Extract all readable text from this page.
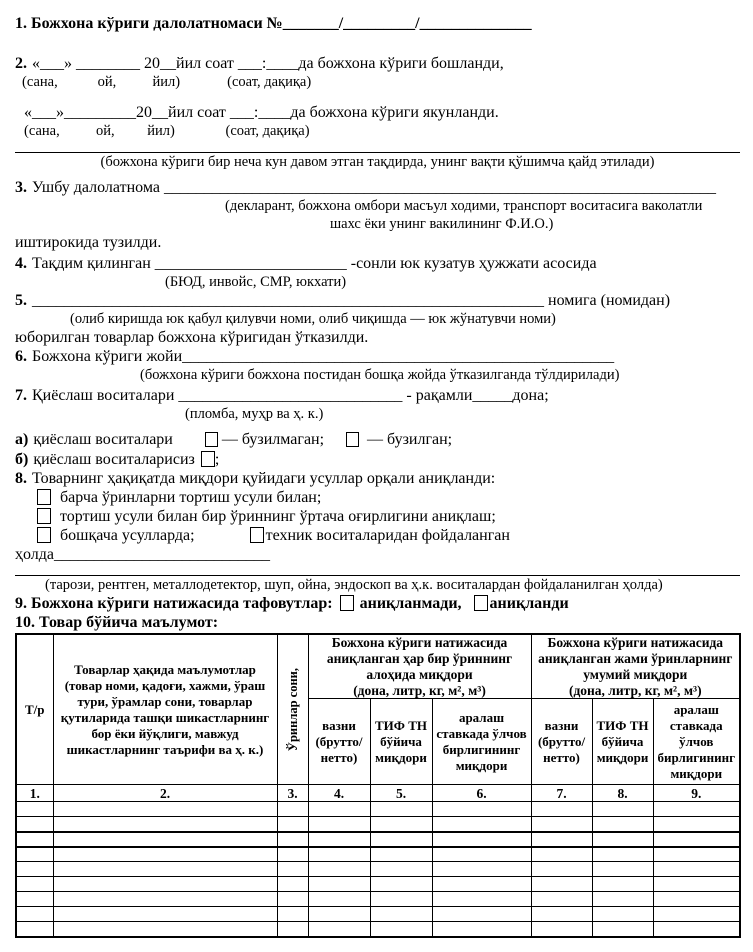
1. Божхона кўриги далолатномаси №_______/_________/______________
2. «___» ________ 20__йил соат ___:____да божхона кўриги бошланди,
(сана,           ой,          йил)             (соат, дақиқа)
«___»_________20__йил соат ___:____да божхона кўриги якунланди.
(сана,          ой,         йил)              (соат, дақиқа)
(божхона кўриги бир неча кун давом этган тақдирда, унинг вақти қўшимча қайд этилади)
3. Ушбу далолатнома _____________________________________________________________________
(декларант, божхона омбори масъул ходими, транспорт воситасига ваколатли
шахс ёки унинг вакилининг Ф.И.О.)
иштирокида тузилди.
4. Тақдим қилинган ________________________ -сонли юк кузатув ҳужжати асосида
(БЮД, инвойс, СМР, юкхати)
5. ________________________________________________________________ номига (номидан)
(олиб киришда юк қабул қилувчи номи, олиб чиқишда — юк жўнатувчи номи)
юборилган товарлар божхона кўригидан ўтказилди.
6. Божхона кўриги жойи______________________________________________________
(божхона кўриги божхона постидан бошқа жойда ўтказилганда тўлдирилади)
7. Қиёслаш воситалари ____________________________ - рақамли_____дона;
(пломба, муҳр ва ҳ. к.)
а) қиёслаш воситалари	— бузилмаган;	— бузилган;
б) қиёслаш воситаларисиз ;
8. Товарнинг ҳақиқатда миқдори қуйидаги усуллар орқали аниқланди:
барча ўринларни тортиш усули билан;
тортиш усули билан бир ўриннинг ўртача оғирлигини аниқлаш;
бошқача усулларда;	техник воситаларидан фойдаланган ҳолда___________________________
(тарози, рентген, металлодетектор, шуп, ойна, эндоскоп ва ҳ.к. воситалардан фойдаланилган ҳолда)
9. Божхона кўриги натижасида тафовутлар: аниқланмади, аниқланди
10. Товар бўйича маълумот:
Т/р	Товарлар ҳақида маълумотлар (товар номи, қадоғи, хажми, ўраш тури, ўрамлар сони, товарлар қутиларида ташқи шикастларнинг бор ёки йўқлиги, мавжуд шикастларнинг таърифи ва ҳ. к.)	Ўринлар сони,

Божхона кўриги натижасида аниқланган ҳар бир ўриннинг алоҳида миқдори
(дона, литр, кг, м², м³)

Божхона кўриги натижасида аниқланган жами ўринларнинг умумий миқдори
(дона, литр, кг, м², м³)

			вазни (брутто/ нетто)	ТИФ ТН бўйича миқдори	аралаш ставкада ўлчов бирлигининг миқдори	вазни (брутто/ нетто)	ТИФ ТН бўйича миқдори	аралаш ставкада ўлчов бирлигининг миқдори
1.	2.	3.	4.	5.	6.	7.	8.	9.
